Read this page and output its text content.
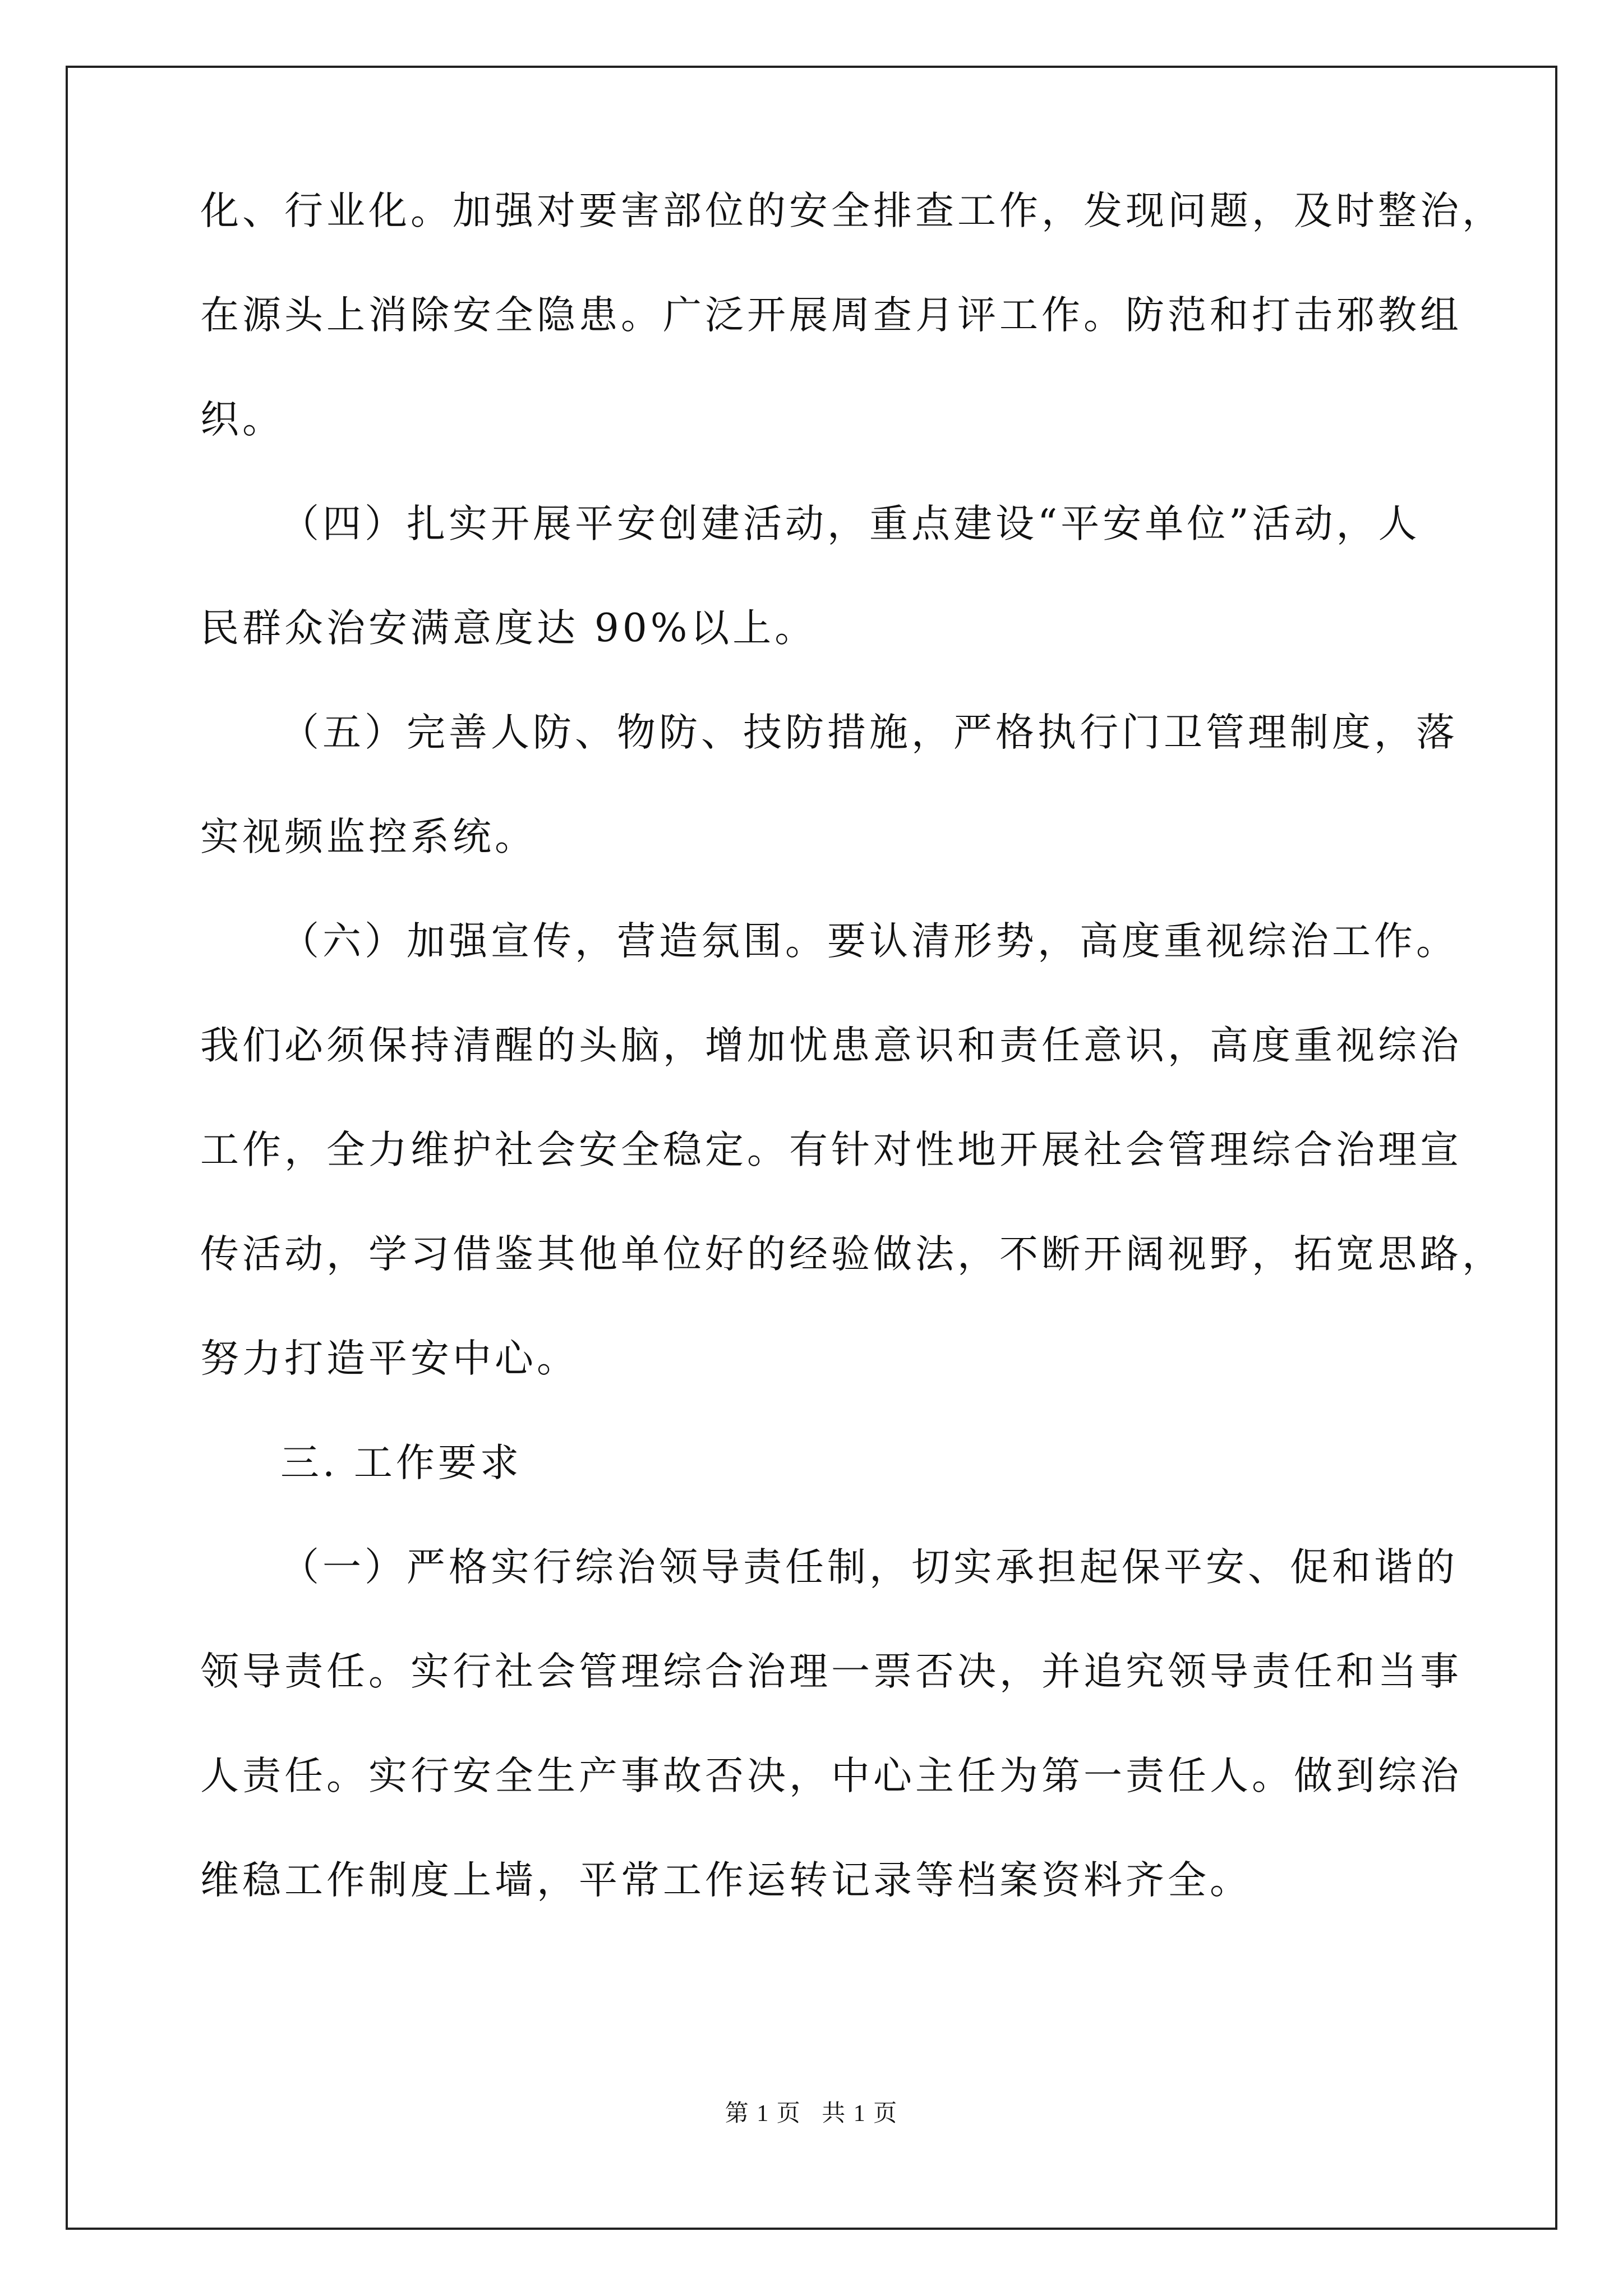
化、行业化。加强对要害部位的安全排查工作，发现问题，及时整治，
在源头上消除安全隐患。广泛开展周查月评工作。防范和打击邪教组
织。
（四）扎实开展平安创建活动，重点建设“平安单位”活动，人
民群众治安满意度达 90%以上。
（五）完善人防、物防、技防措施，严格执行门卫管理制度，落
实视频监控系统。
（六）加强宣传，营造氛围。要认清形势，高度重视综治工作。
我们必须保持清醒的头脑，增加忧患意识和责任意识，高度重视综治
工作，全力维护社会安全稳定。有针对性地开展社会管理综合治理宣
传活动，学习借鉴其他单位好的经验做法，不断开阔视野，拓宽思路，
努力打造平安中心。
三. 工作要求
（一）严格实行综治领导责任制，切实承担起保平安、促和谐的
领导责任。实行社会管理综合治理一票否决，并追究领导责任和当事
人责任。实行安全生产事故否决，中心主任为第一责任人。做到综治
维稳工作制度上墙，平常工作运转记录等档案资料齐全。
第 1 页 共 1 页
